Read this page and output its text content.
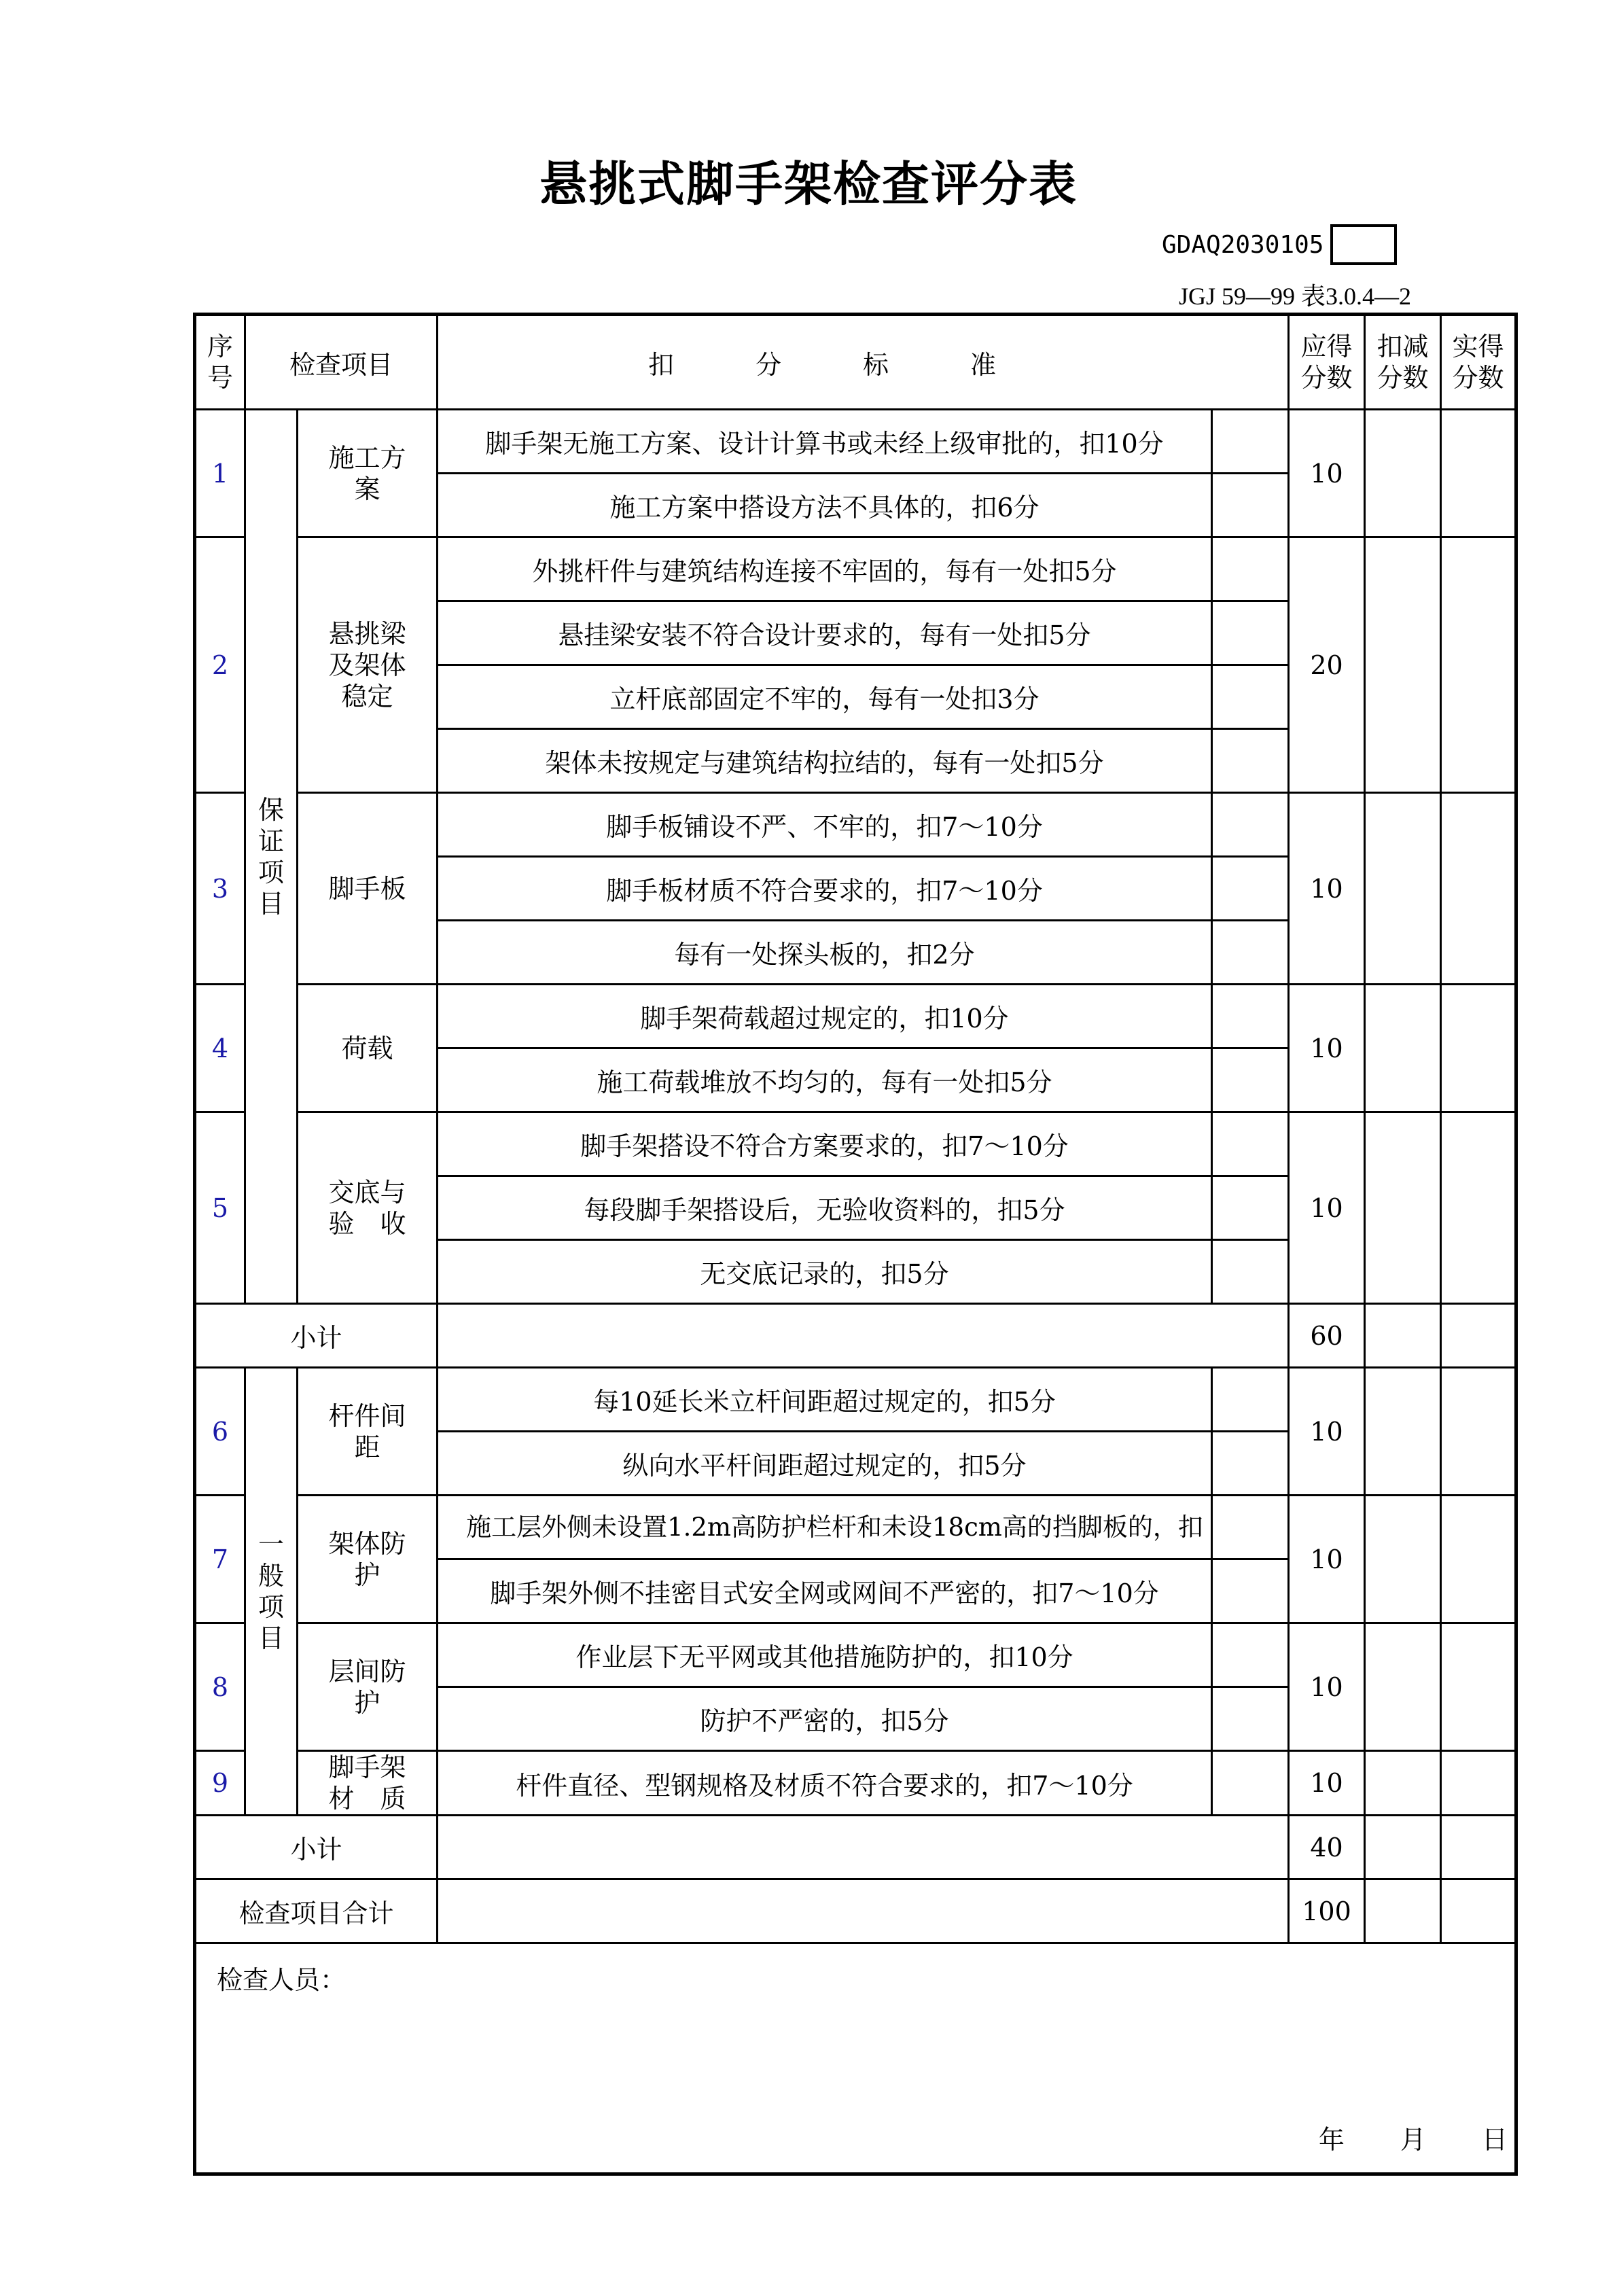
悬挑式脚手架检查评分表
GDAQ2030105
JGJ 59—99 表3.0.4—2
序号	检查项目		扣分标准		应得分数	扣减分数	实得分数
1	保证项目	施工方案	脚手架无施工方案、设计计算书或未经上级审批的，扣10分		10		
			施工方案中搭设方法不具体的，扣6分				
2		悬挑梁及架体稳定	外挑杆件与建筑结构连接不牢固的，每有一处扣5分		20		
			悬挂梁安装不符合设计要求的，每有一处扣5分				
			立杆底部固定不牢的，每有一处扣3分				
			架体未按规定与建筑结构拉结的，每有一处扣5分				
3		脚手板	脚手板铺设不严、不牢的，扣7～10分		10		
			脚手板材质不符合要求的，扣7～10分				
			每有一处探头板的，扣2分				
4		荷载	脚手架荷载超过规定的，扣10分		10		
			施工荷载堆放不均匀的，每有一处扣5分				
5		交底与验　收	脚手架搭设不符合方案要求的，扣7～10分		10		
			每段脚手架搭设后，无验收资料的，扣5分				
			无交底记录的，扣5分				
小计					60		
6	一般项目	杆件间距	每10延长米立杆间距超过规定的，扣5分		10		
			纵向水平杆间距超过规定的，扣5分				
7		架体防护	施工层外侧未设置1.2m高防护栏杆和未设18cm高的挡脚板的，扣		10		
			脚手架外侧不挂密目式安全网或网间不严密的，扣7～10分				
8		层间防护	作业层下无平网或其他措施防护的，扣10分		10		
			防护不严密的，扣5分				
9		脚手架材　质	杆件直径、型钢规格及材质不符合要求的，扣7～10分		10		
小计					40		
检查项目合计					100		

检查人员：
年 月 日							
